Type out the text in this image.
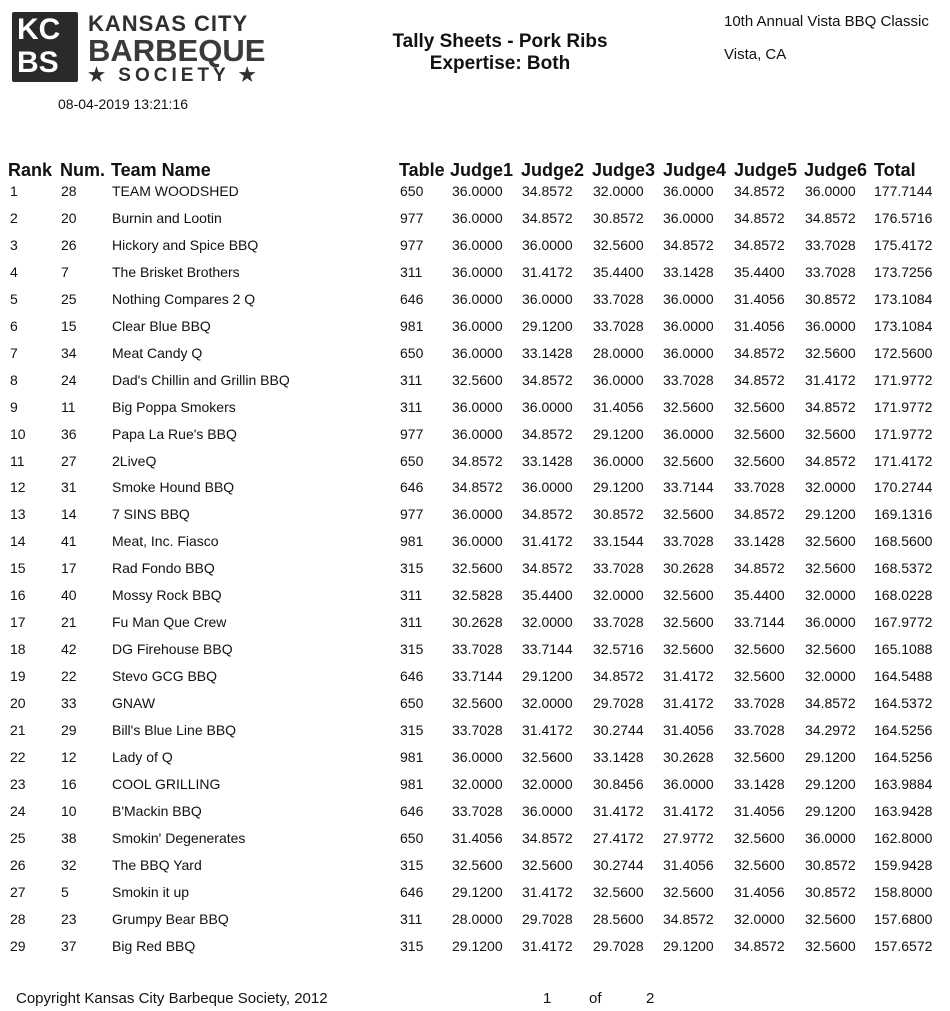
KC
BS
KANSAS CITY
BARBEQUE
★ SOCIETY ★
08-04-2019 13:21:16
Tally Sheets - Pork Ribs
Expertise: Both
10th Annual Vista BBQ Classic
Vista, CA
Rank Num. Team Name	Table Judge1 Judge2 Judge3 Judge4 Judge5 Judge6 Total
1	28	TEAM WOODSHED	650 36.0000 34.8572 32.0000 36.0000 34.8572 36.0000 177.7144
2	20	Burnin and Lootin	977 36.0000 34.8572 30.8572 36.0000 34.8572 34.8572 176.5716
3	26	Hickory and Spice BBQ	977 36.0000 36.0000 32.5600 34.8572 34.8572 33.7028 175.4172
4	7	The Brisket Brothers	311 36.0000 31.4172 35.4400 33.1428 35.4400 33.7028 173.7256
5	25	Nothing Compares 2 Q	646 36.0000 36.0000 33.7028 36.0000 31.4056 30.8572 173.1084
6	15	Clear Blue BBQ	981 36.0000 29.1200 33.7028 36.0000 31.4056 36.0000 173.1084
7	34	Meat Candy Q	650 36.0000 33.1428 28.0000 36.0000 34.8572 32.5600 172.5600
8	24	Dad's Chillin and Grillin BBQ	311 32.5600 34.8572 36.0000 33.7028 34.8572 31.4172 171.9772
9	11	Big Poppa Smokers	311 36.0000 36.0000 31.4056 32.5600 32.5600 34.8572 171.9772
10	36	Papa La Rue's BBQ	977 36.0000 34.8572 29.1200 36.0000 32.5600 32.5600 171.9772
11	27	2LiveQ	650 34.8572 33.1428 36.0000 32.5600 32.5600 34.8572 171.4172
12	31	Smoke Hound BBQ	646 34.8572 36.0000 29.1200 33.7144 33.7028 32.0000 170.2744
13	14	7 SINS BBQ	977 36.0000 34.8572 30.8572 32.5600 34.8572 29.1200 169.1316
14	41	Meat, Inc. Fiasco	981 36.0000 31.4172 33.1544 33.7028 33.1428 32.5600 168.5600
15	17	Rad Fondo BBQ	315 32.5600 34.8572 33.7028 30.2628 34.8572 32.5600 168.5372
16	40	Mossy Rock BBQ	311 32.5828 35.4400 32.0000 32.5600 35.4400 32.0000 168.0228
17	21	Fu Man Que Crew	311 30.2628 32.0000 33.7028 32.5600 33.7144 36.0000 167.9772
18	42	DG Firehouse BBQ	315 33.7028 33.7144 32.5716 32.5600 32.5600 32.5600 165.1088
19	22	Stevo GCG BBQ	646 33.7144 29.1200 34.8572 31.4172 32.5600 32.0000 164.5488
20	33	GNAW	650 32.5600 32.0000 29.7028 31.4172 33.7028 34.8572 164.5372
21	29	Bill's Blue Line BBQ	315 33.7028 31.4172 30.2744 31.4056 33.7028 34.2972 164.5256
22	12	Lady of Q	981 36.0000 32.5600 33.1428 30.2628 32.5600 29.1200 164.5256
23	16	COOL GRILLING	981 32.0000 32.0000 30.8456 36.0000 33.1428 29.1200 163.9884
24	10	B'Mackin BBQ	646 33.7028 36.0000 31.4172 31.4172 31.4056 29.1200 163.9428
25	38	Smokin' Degenerates	650 31.4056 34.8572 27.4172 27.9772 32.5600 36.0000 162.8000
26	32	The BBQ Yard	315 32.5600 32.5600 30.2744 31.4056 32.5600 30.8572 159.9428
27	5	Smokin it up	646 29.1200 31.4172 32.5600 32.5600 31.4056 30.8572 158.8000
28	23	Grumpy Bear BBQ	311 28.0000 29.7028 28.5600 34.8572 32.0000 32.5600 157.6800
29	37	Big Red BBQ	315 29.1200 31.4172 29.7028 29.1200 34.8572 32.5600 157.6572
Copyright Kansas City Barbeque Society, 2012	1	of	2
